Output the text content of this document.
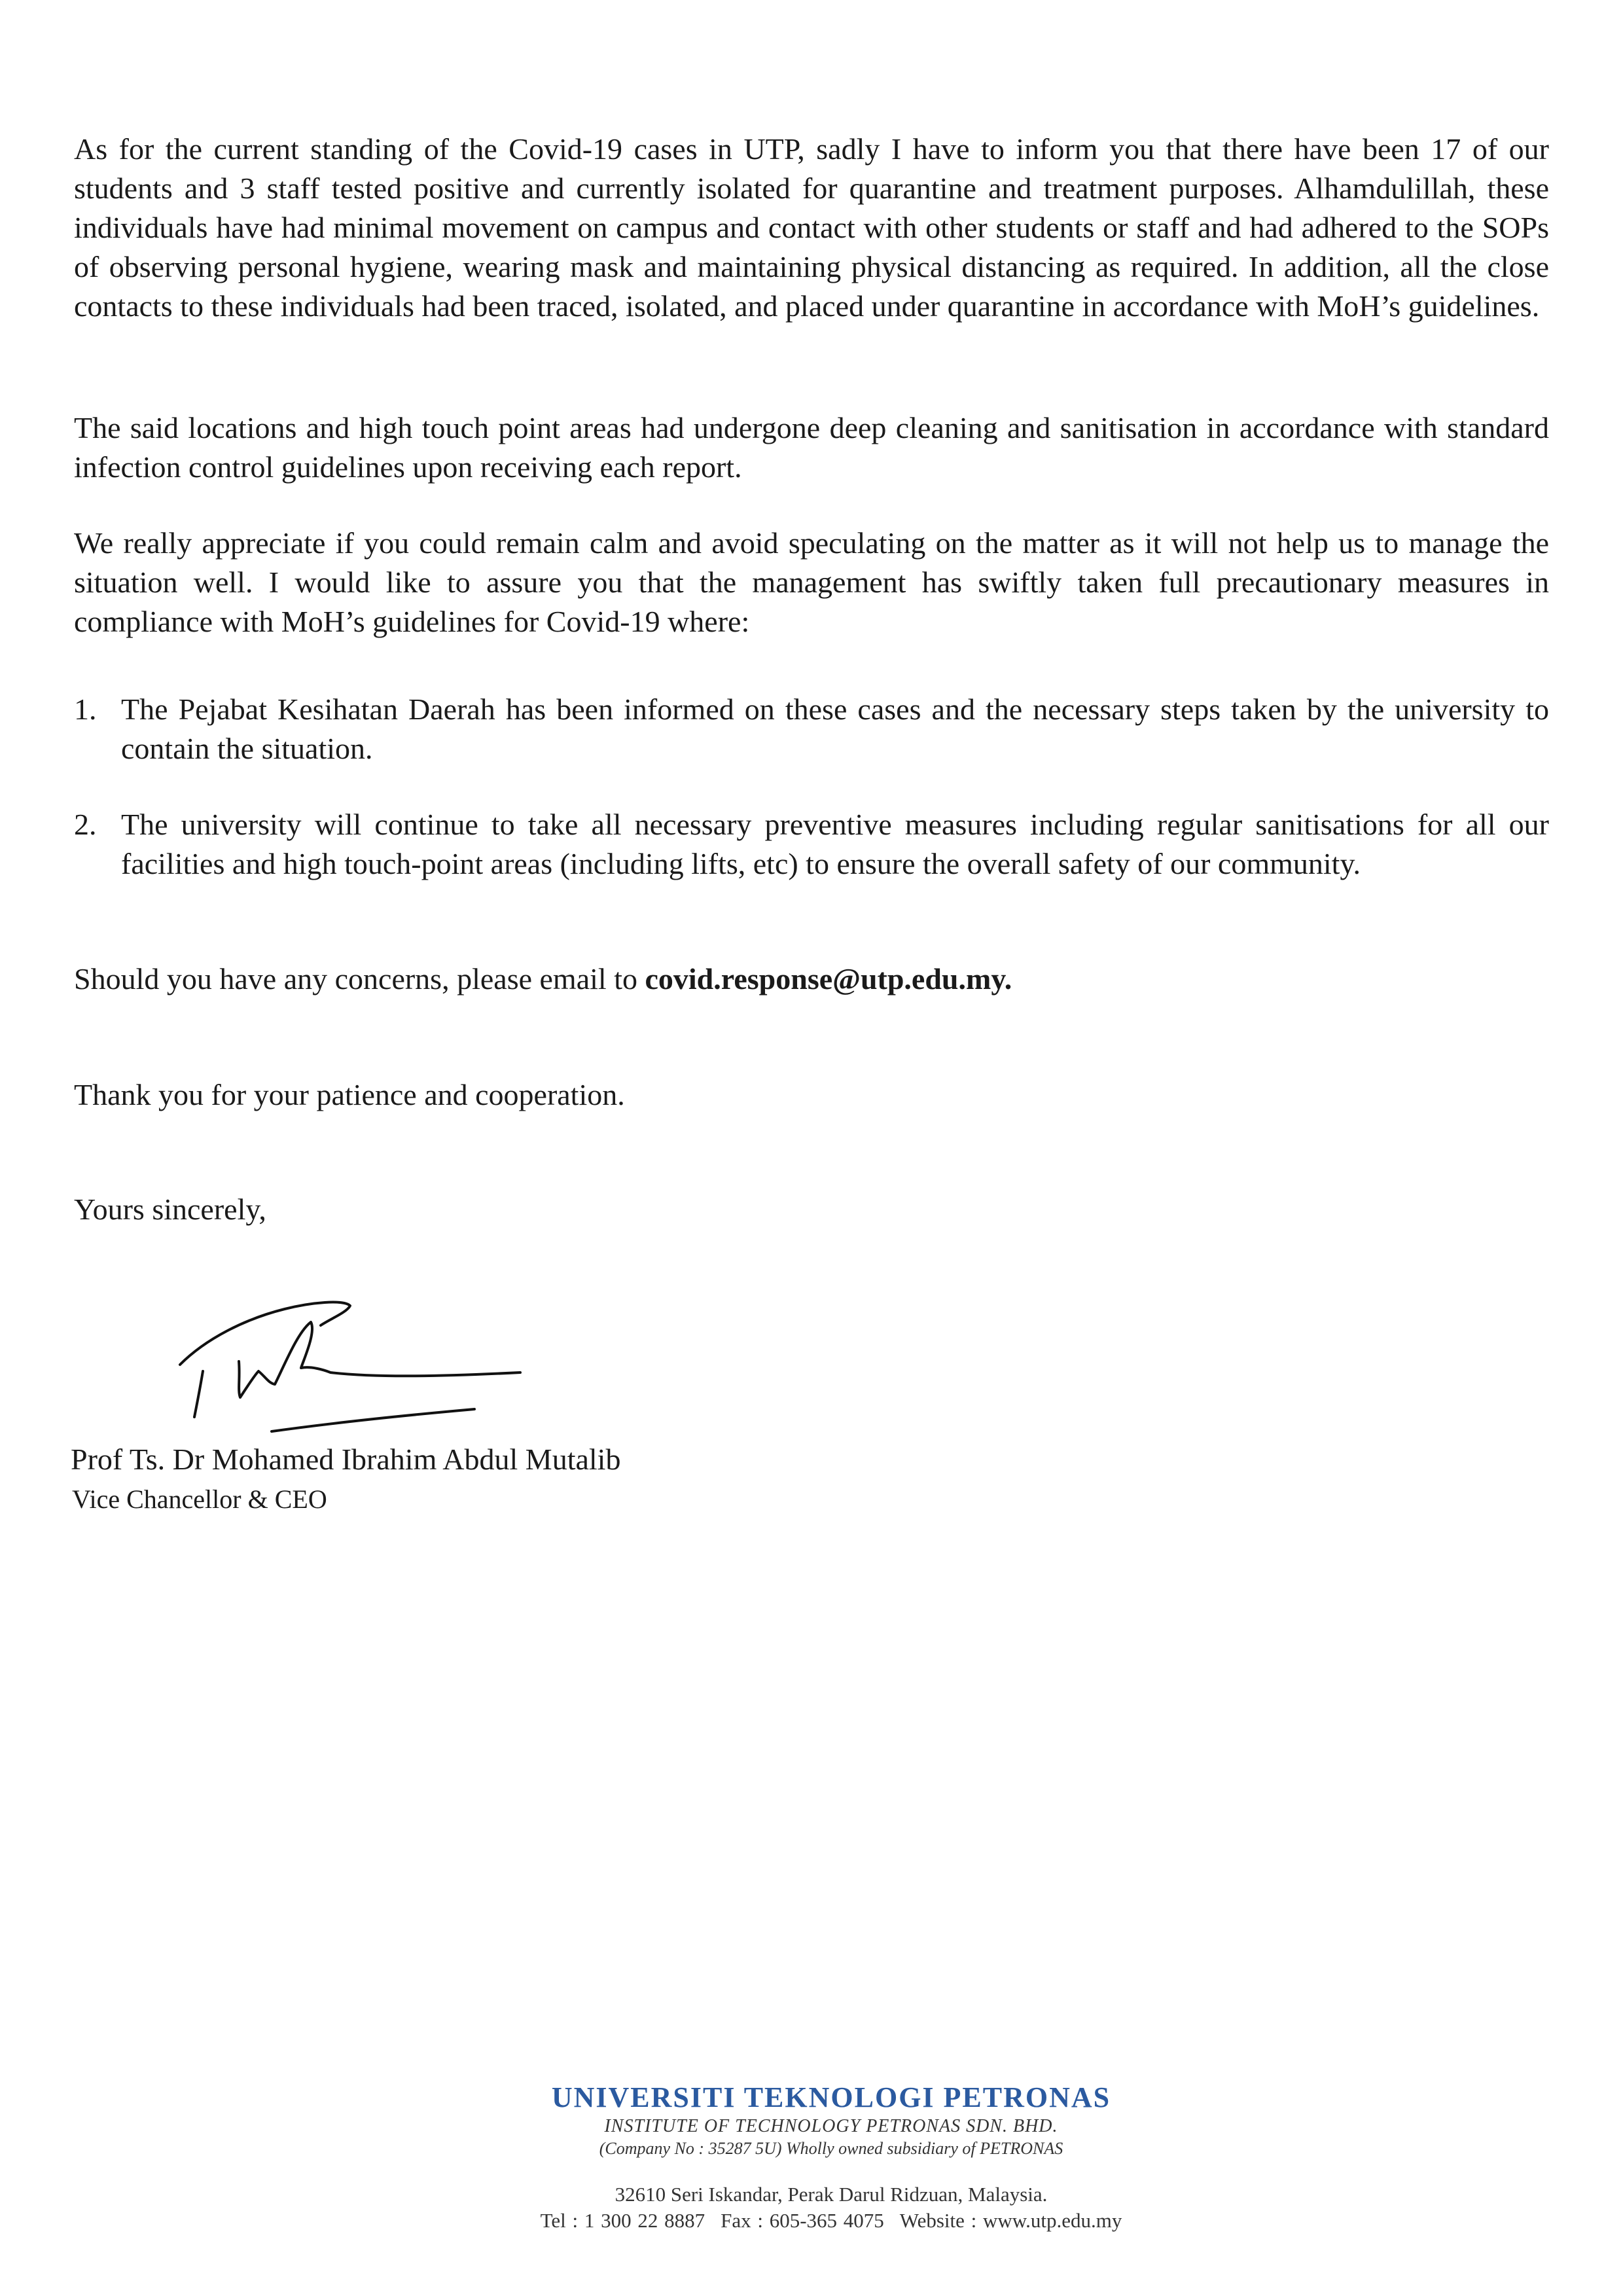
As for the current standing of the Covid-19 cases in UTP, sadly I have to inform you that there have been 17 of our students and 3 staff tested positive and currently isolated for quarantine and treatment purposes. Alhamdulillah, these individuals have had minimal movement on campus and contact with other students or staff and had adhered to the SOPs of observing personal hygiene, wearing mask and maintaining physical distancing as required. In addition, all the close contacts to these individuals had been traced, isolated, and placed under quarantine in accordance with MoH’s guidelines.

The said locations and high touch point areas had undergone deep cleaning and sanitisation in accordance with standard infection control guidelines upon receiving each report.

We really appreciate if you could remain calm and avoid speculating on the matter as it will not help us to manage the situation well. I would like to assure you that the management has swiftly taken full precautionary measures in compliance with MoH’s guidelines for Covid-19 where:

1. The Pejabat Kesihatan Daerah has been informed on these cases and the necessary steps taken by the university to contain the situation.
2. The university will continue to take all necessary preventive measures including regular sanitisations for all our facilities and high touch-point areas (including lifts, etc) to ensure the overall safety of our community.
Should you have any concerns, please email to covid.response@utp.edu.my.
Thank you for your patience and cooperation.
Yours sincerely,
Prof Ts. Dr Mohamed Ibrahim Abdul Mutalib
Vice Chancellor & CEO
UNIVERSITI TEKNOLOGI PETRONAS
INSTITUTE OF TECHNOLOGY PETRONAS SDN. BHD.
(Company No : 35287 5U) Wholly owned subsidiary of PETRONAS
32610 Seri Iskandar, Perak Darul Ridzuan, Malaysia.
Tel : 1 300 22 8887 Fax : 605-365 4075 Website : www.utp.edu.my
